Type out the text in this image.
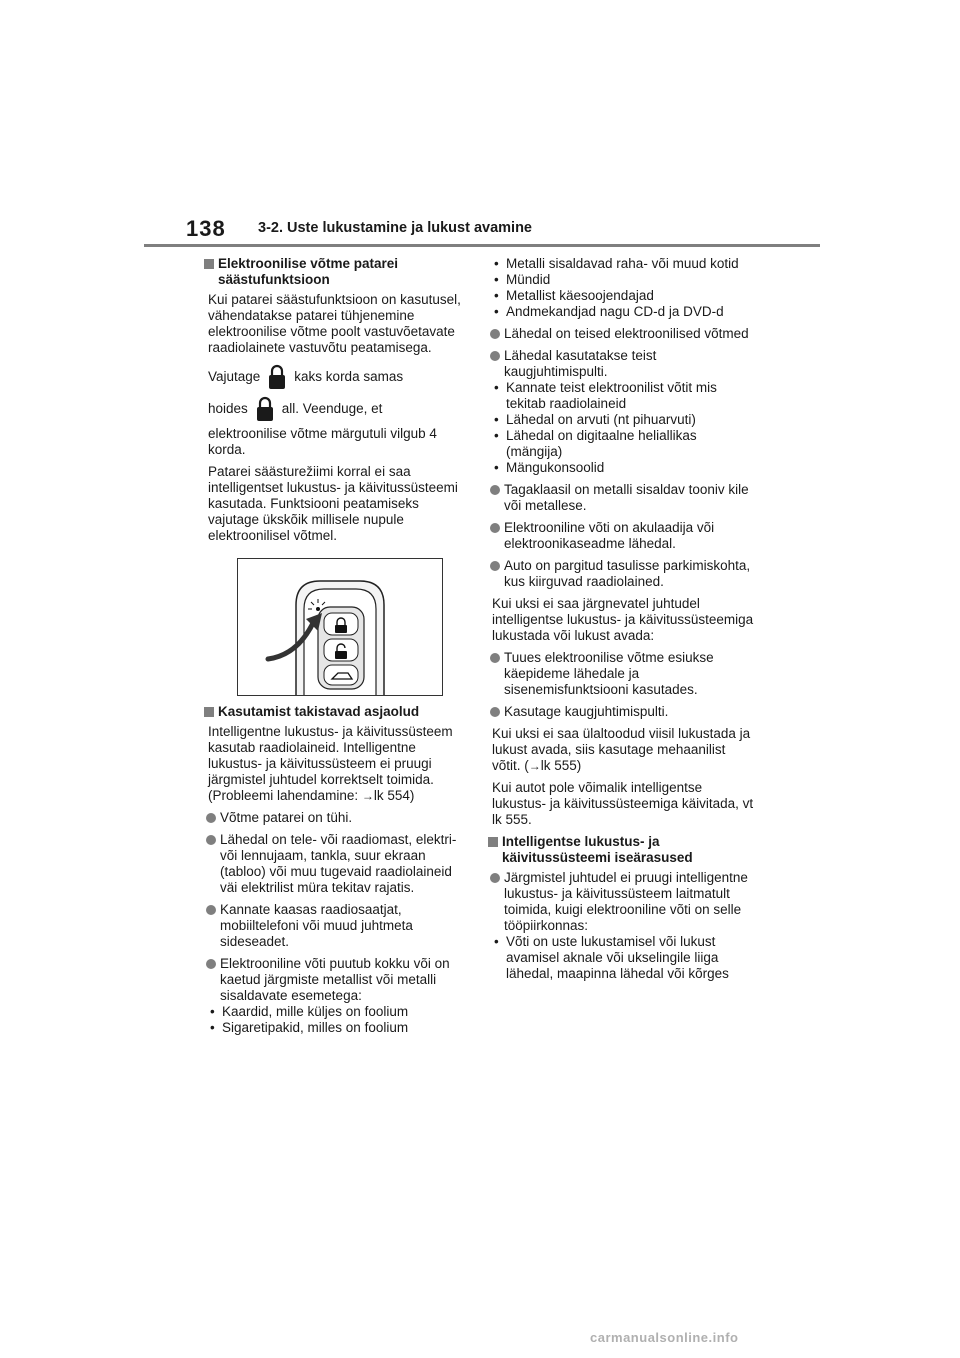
138 3-2. Uste lukustamine ja lukust avamine

Elektroonilise võtme patarei säästufunktsioon

Kui patarei säästufunktsioon on kasutusel, vähendatakse patarei tühjenemine elektroonilise võtme poolt vastuvõetavate raadiolainete vastuvõtu peatamisega.

Vajutage	kaks korda samas
hoides	all. Veenduge, et

elektroonilise võtme märgutuli vilgub 4 korda.

Patarei säästurežiimi korral ei saa intelligentset lukustus- ja käivitussüsteemi kasutada. Funktsiooni peatamiseks vajutage ükskõik millisele nupule elektroonilisel võtmel.

Kasutamist takistavad asjaolud

Intelligentne lukustus- ja käivitussüsteem kasutab raadiolaineid. Intelligentne lukustus- ja käivitussüsteem ei pruugi järgmistel juhtudel korrektselt toimida. (Probleemi lahendamine: →lk 554)

Võtme patarei on tühi.

Lähedal on tele- või raadiomast, elektri- või lennujaam, tankla, suur ekraan (tabloo) või muu tugevaid raadiolaineid väi elektrilist müra tekitav rajatis.

Kannate kaasas raadiosaatjat, mobiiltelefoni või muud juhtmeta sideseadet.

Elektrooniline võti puutub kokku või on kaetud järgmiste metallist või metalli sisaldavate esemetega:

• Kaardid, mille küljes on foolium
• Sigaretipakid, milles on foolium
• Metalli sisaldavad raha- või muud kotid
• Mündid
• Metallist käesoojendajad
• Andmekandjad nagu CD-d ja DVD-d

Lähedal on teised elektroonilised võtmed

Lähedal kasutatakse teist kaugjuhtimispulti.

• Kannate teist elektroonilist võtit mis tekitab raadiolaineid
• Lähedal on arvuti (nt pihuarvuti)
• Lähedal on digitaalne heliallikas (mängija)
• Mängukonsoolid

Tagaklaasil on metalli sisaldav tooniv kile või metallese.

Elektrooniline võti on akulaadija või elektroonikaseadme lähedal.

Auto on pargitud tasulisse parkimiskohta, kus kiirguvad raadiolained.

Kui uksi ei saa järgnevatel juhtudel intelligentse lukustus- ja käivitussüsteemiga lukustada või lukust avada:

Tuues elektroonilise võtme esiukse käepideme lähedale ja sisenemisfunktsiooni kasutades.

Kasutage kaugjuhtimispulti.

Kui uksi ei saa ülaltoodud viisil lukustada ja lukust avada, siis kasutage mehaanilist võtit. (→lk 555)

Kui autot pole võimalik intelligentse lukustus- ja käivitussüsteemiga käivitada, vt lk 555.

Intelligentse lukustus- ja käivitussüsteemi iseärasused

Järgmistel juhtudel ei pruugi intelligentne lukustus- ja käivitussüsteem laitmatult toimida, kuigi elektrooniline võti on selle tööpiirkonnas:

• Võti on uste lukustamisel või lukust avamisel aknale või ukselingile liiga lähedal, maapinna lähedal või kõrges
carmanualsonline.info
